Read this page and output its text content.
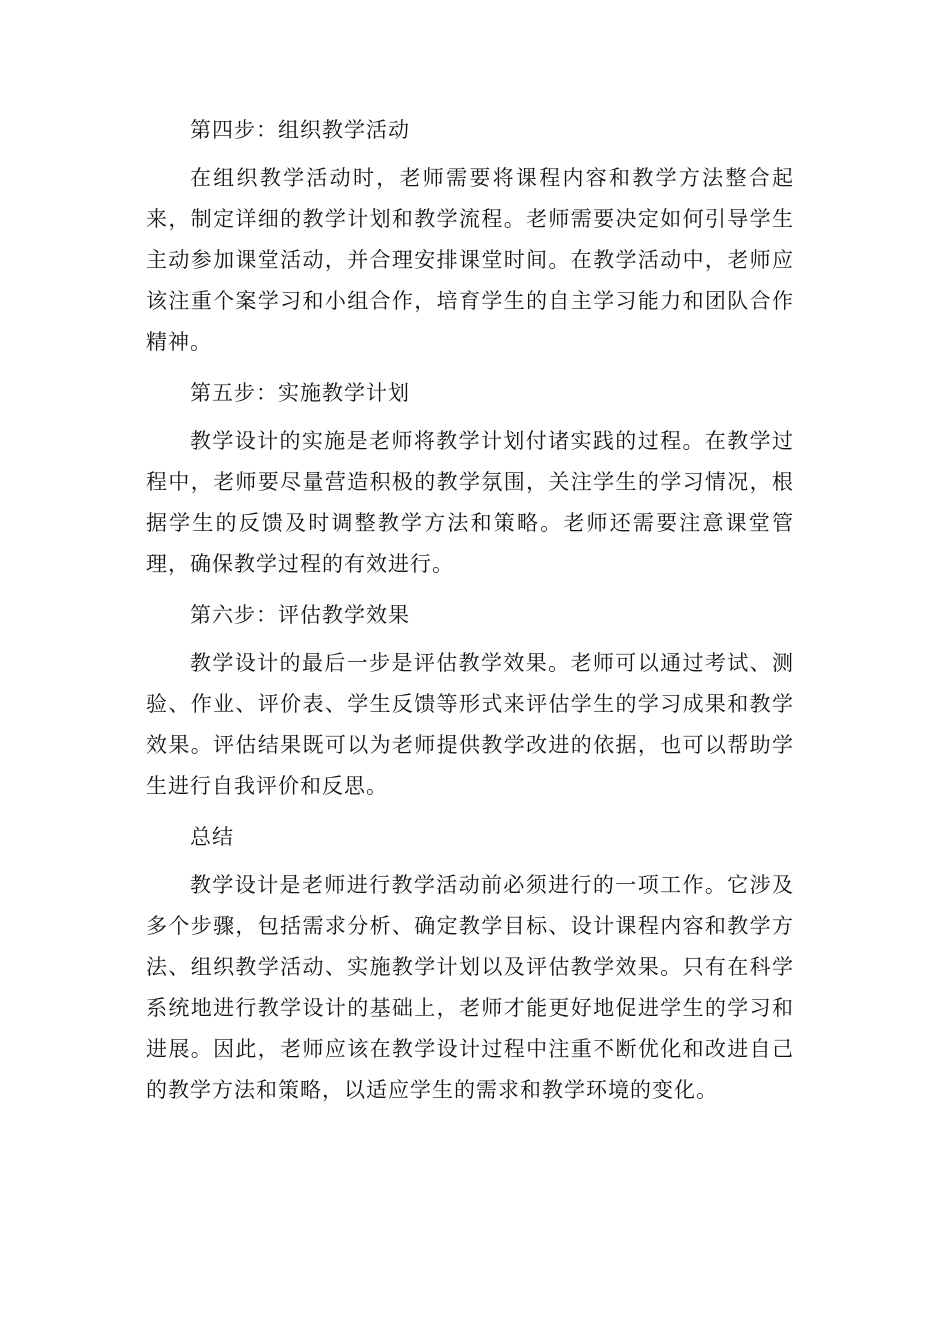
第四步：组织教学活动

在组织教学活动时，老师需要将课程内容和教学方法整合起来，制定详细的教学计划和教学流程。老师需要决定如何引导学生主动参加课堂活动，并合理安排课堂时间。在教学活动中，老师应该注重个案学习和小组合作，培育学生的自主学习能力和团队合作精神。

第五步：实施教学计划

教学设计的实施是老师将教学计划付诸实践的过程。在教学过程中，老师要尽量营造积极的教学氛围，关注学生的学习情况，根据学生的反馈及时调整教学方法和策略。老师还需要注意课堂管理，确保教学过程的有效进行。

第六步：评估教学效果

教学设计的最后一步是评估教学效果。老师可以通过考试、测验、作业、评价表、学生反馈等形式来评估学生的学习成果和教学效果。评估结果既可以为老师提供教学改进的依据，也可以帮助学生进行自我评价和反思。

总结

教学设计是老师进行教学活动前必须进行的一项工作。它涉及多个步骤，包括需求分析、确定教学目标、设计课程内容和教学方法、组织教学活动、实施教学计划以及评估教学效果。只有在科学系统地进行教学设计的基础上，老师才能更好地促进学生的学习和进展。因此，老师应该在教学设计过程中注重不断优化和改进自己的教学方法和策略，以适应学生的需求和教学环境的变化。
